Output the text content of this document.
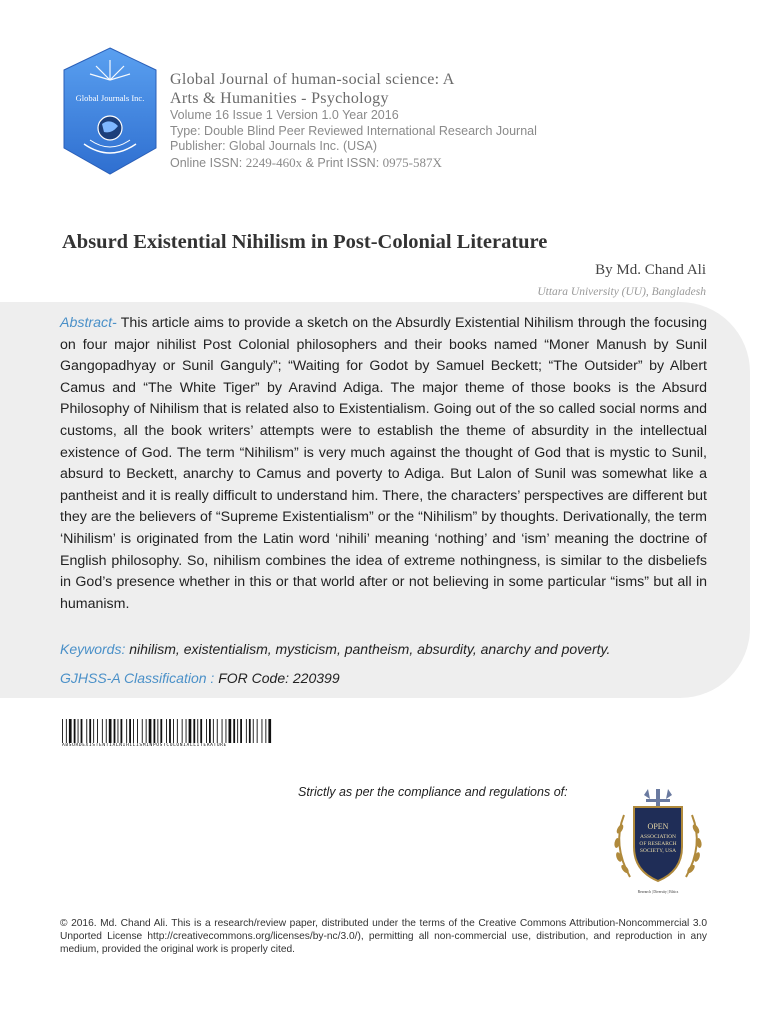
Global Journals Inc.

Global Journal of human-social science: A

Arts & Humanities - Psychology

Volume 16 Issue 1 Version 1.0 Year 2016

Type: Double Blind Peer Reviewed International Research Journal

Publisher: Global Journals Inc. (USA)

Online ISSN: 2249-460x & Print ISSN: 0975-587X

Absurd Existential Nihilism in Post-Colonial Literature
By Md. Chand Ali
Uttara University (UU), Bangladesh

Abstract- This article aims to provide a sketch on the Absurdly Existential Nihilism through the focusing on four major nihilist Post Colonial philosophers and their books named “Moner Manush by Sunil Gangopadhyay or Sunil Ganguly”; “Waiting for Godot by Samuel Beckett; “The Outsider” by Albert Camus and “The White Tiger” by Aravind Adiga. The major theme of those books is the Absurd Philosophy of Nihilism that is related also to Existentialism. Going out of the so called social norms and customs, all the book writers’ attempts were to establish the theme of absurdity in the intellectual existence of God. The term “Nihilism” is very much against the thought of God that is mystic to Sunil, absurd to Beckett, anarchy to Camus and poverty to Adiga. But Lalon of Sunil was somewhat like a pantheist and it is really difficult to understand him. There, the characters’ perspectives are different but they are the believers of “Supreme Existentialism” or the “Nihilism” by thoughts. Derivationally, the term ‘Nihilism’ is originated from the Latin word ‘nihili’ meaning ‘nothing’ and ‘ism’ meaning the doctrine of English philosophy. So, nihilism combines the idea of extreme nothingness, is similar to the disbeliefs in God’s presence whether in this or that world after or not believing in some particular “isms” but all in humanism.

Keywords: nihilism, existentialism, mysticism, pantheism, absurdity, anarchy and poverty.

GJHSS-A Classification : FOR Code: 220399

ABSURDEXISTENTIALNIHILISMINPOSTCOLONIALLITERATURE
Strictly as per the compliance and regulations of:
OPEN
ASSOCIATION
OF RESEARCH
SOCIETY, USA
Research | Diversity | Ethics

© 2016. Md. Chand Ali. This is a research/review paper, distributed under the terms of the Creative Commons Attribution-Noncommercial 3.0 Unported License http://creativecommons.org/licenses/by-nc/3.0/), permitting all non-commercial use, distribution, and reproduction in any medium, provided the original work is properly cited.
